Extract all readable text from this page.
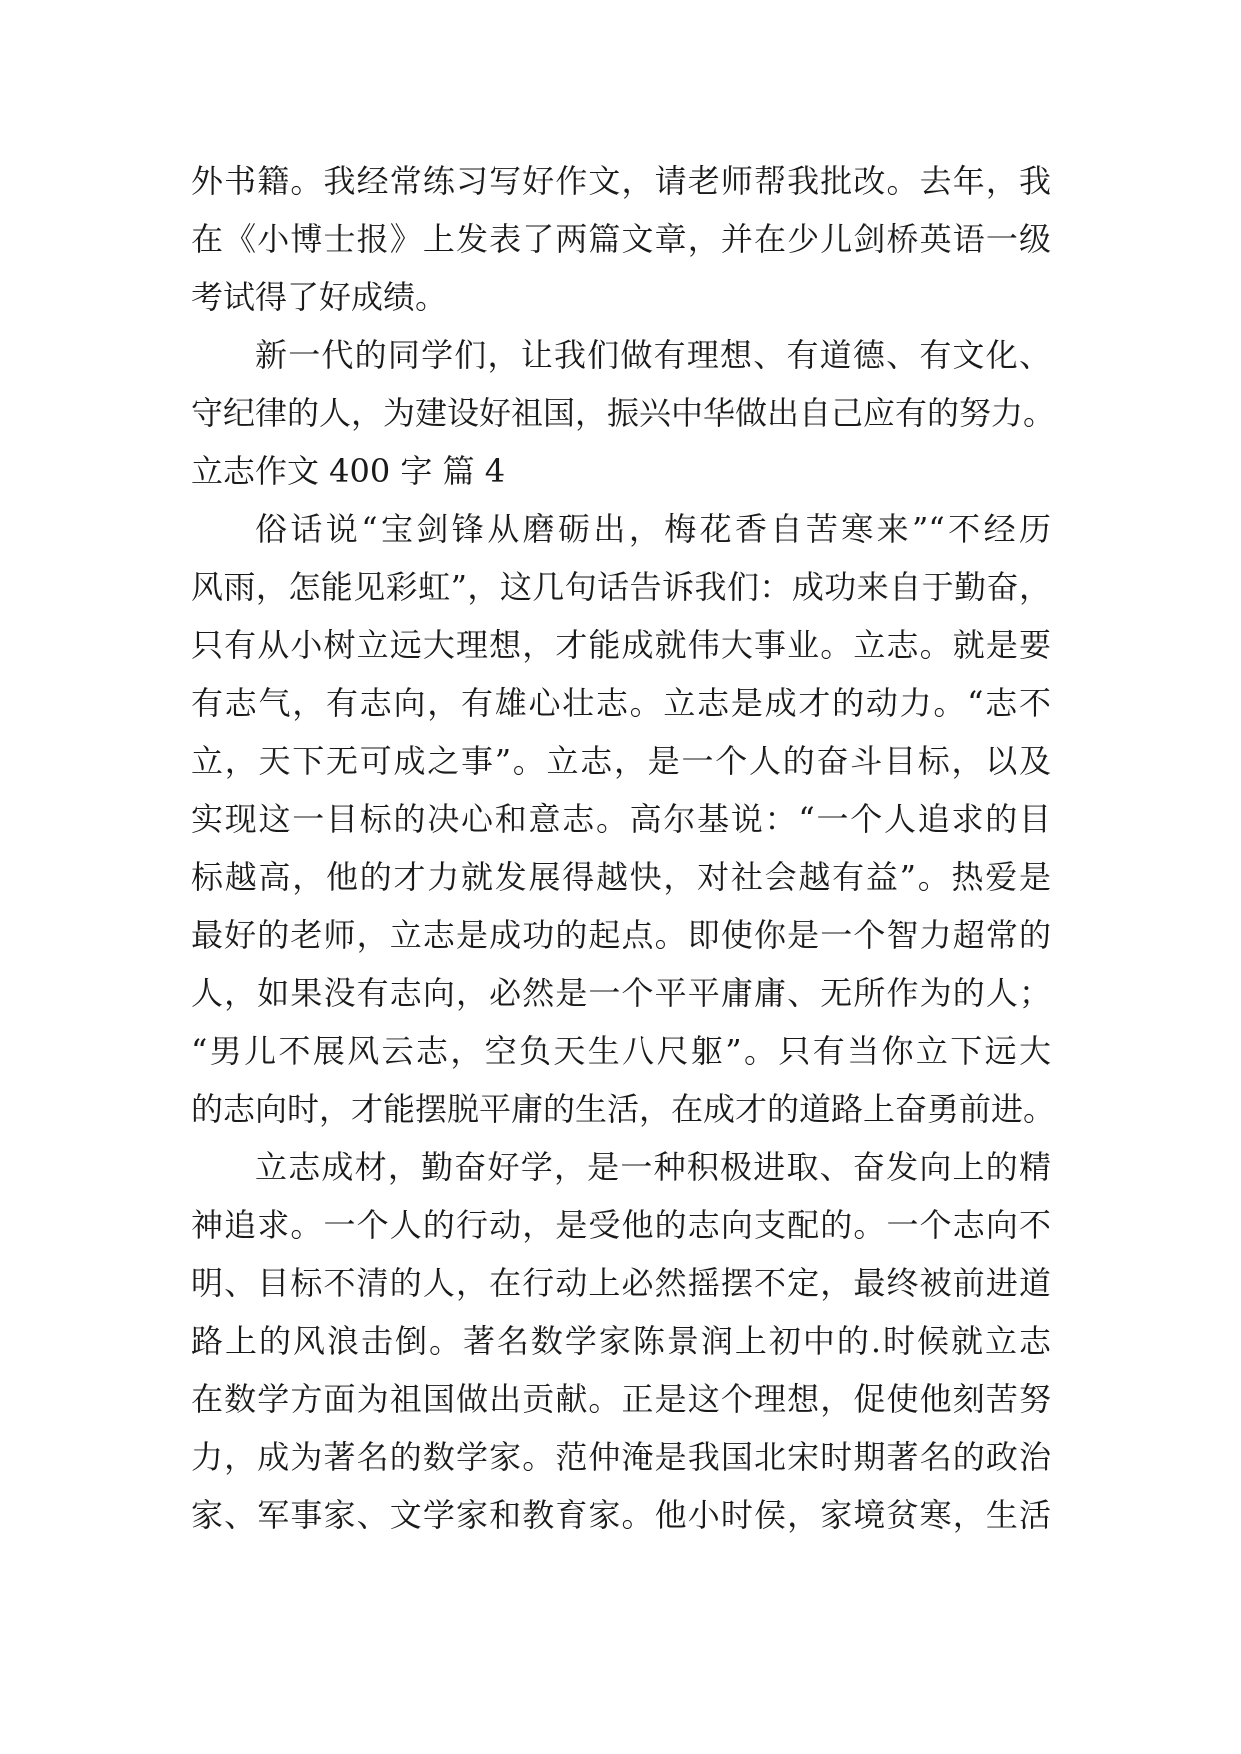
外书籍。我经常练习写好作文，请老师帮我批改。去年，我
在《小博士报》上发表了两篇文章，并在少儿剑桥英语一级
考试得了好成绩。
新一代的同学们，让我们做有理想、有道德、有文化、
守纪律的人，为建设好祖国，振兴中华做出自己应有的努力。
立志作文 400 字 篇 4
俗话说“宝剑锋从磨砺出，梅花香自苦寒来”“不经历
风雨，怎能见彩虹”，这几句话告诉我们：成功来自于勤奋，
只有从小树立远大理想，才能成就伟大事业。立志。就是要
有志气，有志向，有雄心壮志。立志是成才的动力。“志不
立，天下无可成之事”。立志，是一个人的奋斗目标，以及
实现这一目标的决心和意志。高尔基说：“一个人追求的目
标越高，他的才力就发展得越快，对社会越有益”。热爱是
最好的老师，立志是成功的起点。即使你是一个智力超常的
人，如果没有志向，必然是一个平平庸庸、无所作为的人；
“男儿不展风云志，空负天生八尺躯”。只有当你立下远大
的志向时，才能摆脱平庸的生活，在成才的道路上奋勇前进。
立志成材，勤奋好学，是一种积极进取、奋发向上的精
神追求。一个人的行动，是受他的志向支配的。一个志向不
明、目标不清的人，在行动上必然摇摆不定，最终被前进道
路上的风浪击倒。著名数学家陈景润上初中的.时候就立志
在数学方面为祖国做出贡献。正是这个理想，促使他刻苦努
力，成为著名的数学家。范仲淹是我国北宋时期著名的政治
家、军事家、文学家和教育家。他小时侯，家境贫寒，生活
